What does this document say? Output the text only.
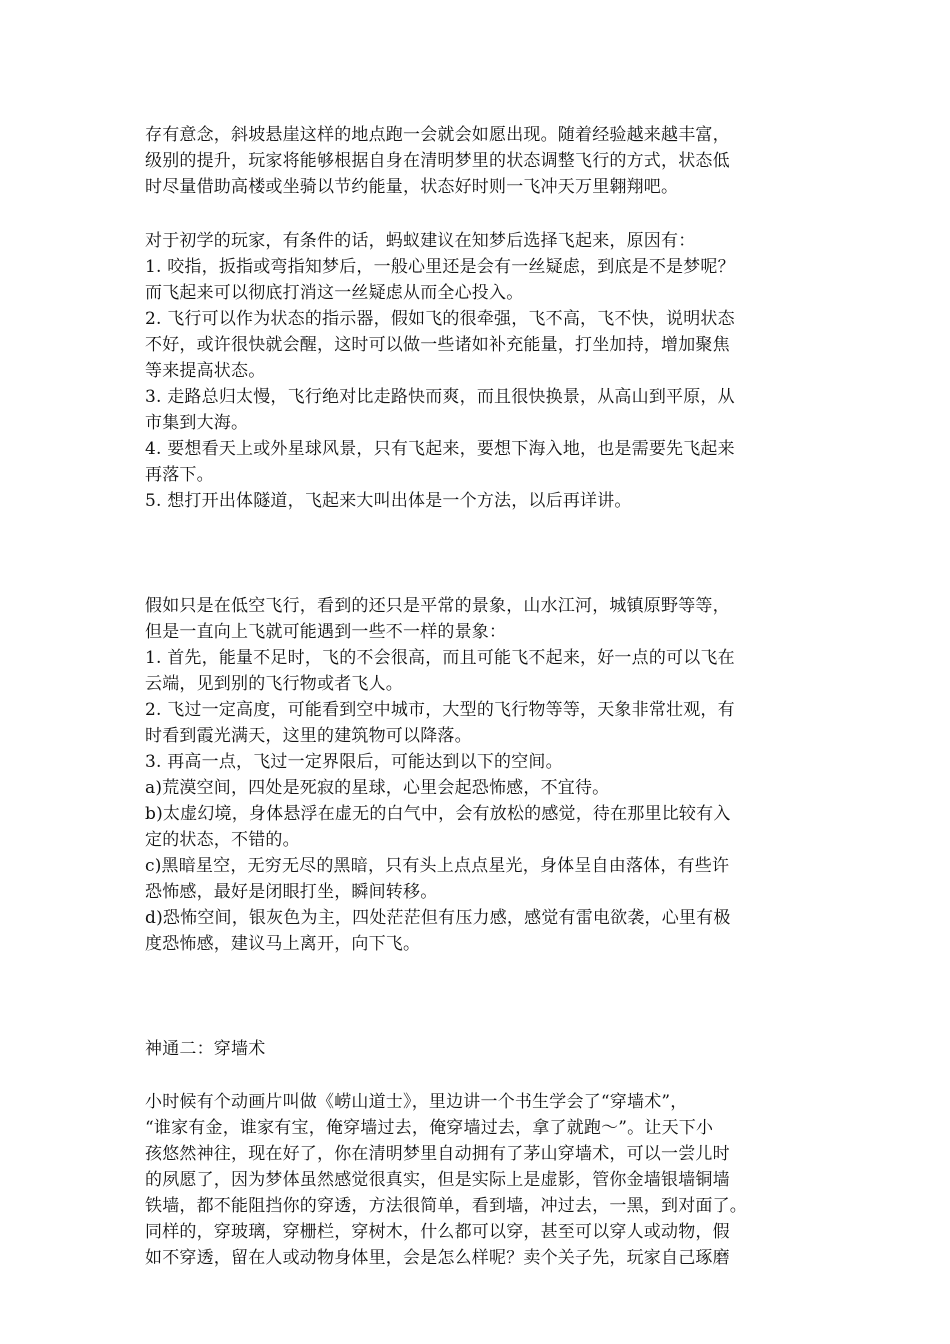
存有意念，斜坡悬崖这样的地点跑一会就会如愿出现。随着经验越来越丰富，
级别的提升，玩家将能够根据自身在清明梦里的状态调整飞行的方式，状态低
时尽量借助高楼或坐骑以节约能量，状态好时则一飞冲天万里翱翔吧。
对于初学的玩家，有条件的话，蚂蚁建议在知梦后选择飞起来，原因有：
1. 咬指，扳指或弯指知梦后，一般心里还是会有一丝疑虑，到底是不是梦呢？
而飞起来可以彻底打消这一丝疑虑从而全心投入。
2. 飞行可以作为状态的指示器，假如飞的很牵强，飞不高，飞不快，说明状态
不好，或许很快就会醒，这时可以做一些诸如补充能量，打坐加持，增加聚焦
等来提高状态。
3. 走路总归太慢，飞行绝对比走路快而爽，而且很快换景，从高山到平原，从
市集到大海。
4. 要想看天上或外星球风景，只有飞起来，要想下海入地，也是需要先飞起来
再落下。
5. 想打开出体隧道，飞起来大叫出体是一个方法，以后再详讲。
假如只是在低空飞行，看到的还只是平常的景象，山水江河，城镇原野等等，
但是一直向上飞就可能遇到一些不一样的景象：
1. 首先，能量不足时，飞的不会很高，而且可能飞不起来，好一点的可以飞在
云端，见到别的飞行物或者飞人。
2. 飞过一定高度，可能看到空中城市，大型的飞行物等等，天象非常壮观，有
时看到霞光满天，这里的建筑物可以降落。
3. 再高一点，飞过一定界限后，可能达到以下的空间。
a)荒漠空间，四处是死寂的星球，心里会起恐怖感，不宜待。
b)太虚幻境，身体悬浮在虚无的白气中，会有放松的感觉，待在那里比较有入
定的状态，不错的。
c)黑暗星空，无穷无尽的黑暗，只有头上点点星光，身体呈自由落体，有些许
恐怖感，最好是闭眼打坐，瞬间转移。
d)恐怖空间，银灰色为主，四处茫茫但有压力感，感觉有雷电欲袭，心里有极
度恐怖感，建议马上离开，向下飞。
神通二：穿墙术
小时候有个动画片叫做《崂山道士》，里边讲一个书生学会了“穿墙术”，
“谁家有金，谁家有宝，俺穿墙过去，俺穿墙过去，拿了就跑～”。让天下小
孩悠然神往，现在好了，你在清明梦里自动拥有了茅山穿墙术，可以一尝儿时
的夙愿了，因为梦体虽然感觉很真实，但是实际上是虚影，管你金墙银墙铜墙
铁墙，都不能阻挡你的穿透，方法很简单，看到墙，冲过去，一黑，到对面了。
同样的，穿玻璃，穿栅栏，穿树木，什么都可以穿，甚至可以穿人或动物，假
如不穿透，留在人或动物身体里，会是怎么样呢？卖个关子先，玩家自己琢磨
